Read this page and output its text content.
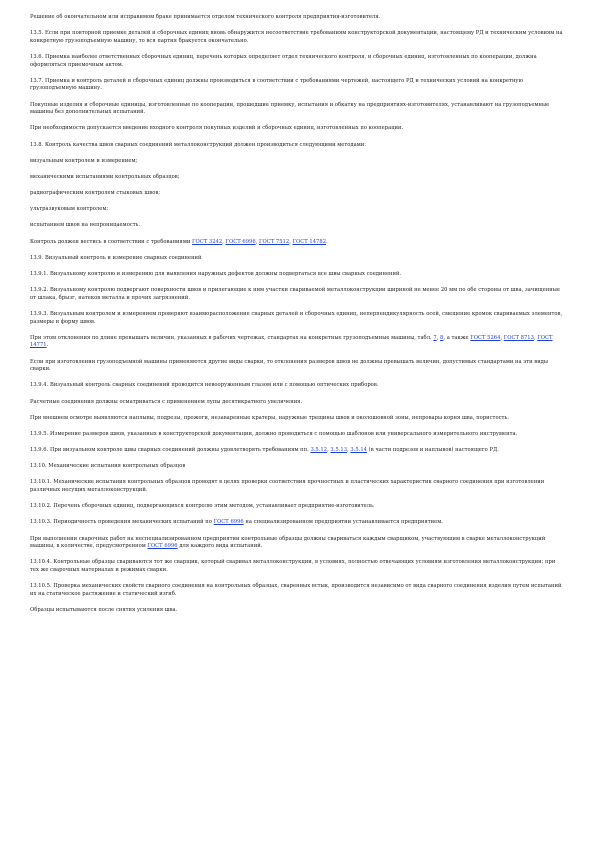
Решение об окончательном или исправимом браке принимается отделом технического контроля предприятия-изготовителя.

13.5. Если при повторной приемке деталей и сборочных единиц вновь обнаружится несоответствие требованиям конструкторской документации, настоящему РД и техническим условиям на конкретную грузоподъемную машину, то вся партия бракуется окончательно.

13.6. Приемка наиболее ответственных сборочных единиц, перечень которых определяет отдел технического контроля, и сборочных единиц, изготовленных по кооперации, должна оформляться приемочным актом.

13.7. Приемка и контроль деталей и сборочных единиц должны производиться в соответствии с требованиями чертежей, настоящего РД и технических условий на конкретную грузоподъемную машину.

Покупные изделия и сборочные единицы, изготовленные по кооперации, прошедшие приемку, испытания и обкатку на предприятиях-изготовителях, устанавливают на грузоподъемные машины без дополнительных испытаний.

При необходимости допускается введение входного контроля покупных изделий и сборочных единиц, изготовленных по кооперации.

13.8. Контроль качества швов сварных соединений металлоконструкций должен производиться следующими методами:

визуальным контролем и измерением;

механическими испытаниями контрольных образцов;

радиографическим контролем стыковых швов;

ультразвуковым контролем;

испытанием швов на непроницаемость.

Контроль должен вестись в соответствии с требованиями ГОСТ 3242, ГОСТ 6996, ГОСТ 7512, ГОСТ 14782.

13.9. Визуальный контроль и измерение сварных соединений

13.9.1. Визуальному контролю и измерению для выявления наружных дефектов должны подвергаться все швы сварных соединений.

13.9.2. Визуальному контролю подвергают поверхности швов и прилегающие к ним участки свариваемой металлоконструкции шириной не менее 20 мм по обе стороны от шва, зачищенные от шлака, брызг, натеков металла и прочих загрязнений.

13.9.3. Визуальным контролем и измерением проверяют взаиморасположение сварных деталей и сборочных единиц, неперпендикулярность осей, смещение кромок свариваемых элементов, размеры и форму швов.

При этом отклонения по длине превышать величин, указанных в рабочих чертежах, стандартах на конкретные грузоподъемные машины, табл. 7, 8, а также ГОСТ 5264, ГОСТ 8713, ГОСТ 14771.

Если при изготовлении грузоподъемной машины применяются другие виды сварки, то отклонения размеров швов не должны превышать величин, допустимых стандартами на эти виды сварки.

13.9.4. Визуальный контроль сварных соединений проводится невооруженным глазом или с помощью оптических приборов.

Расчетные соединения должны осматриваться с применением лупы десятикратного увеличения.

При внешнем осмотре выявляются наплывы, подрезы, прожоги, незаваренные кратеры, наружные трещины швов и околошовной зоны, непровары корня шва, пористость.

13.9.5. Измерение размеров швов, указанных в конструкторской документации, должно проводиться с помощью шаблонов или универсального измерительного инструмента.

13.9.6. При визуальном контроле швы сварных соединений должны удовлетворять требованиям пп. 3.5.12, 3.5.13, 3.5.14 (в части подрезов и наплывов) настоящего РД.

13.10. Механические испытания контрольных образцов

13.10.1. Механические испытания контрольных образцов проводят в целях проверки соответствия прочностных и пластических характеристик сварного соединения при изготовлении различных несущих металлоконструкций.

13.10.2. Перечень сборочных единиц, подвергающихся контролю этим методом, устанавливает предприятие-изготовитель.

13.10.3. Периодичность проведения механических испытаний по ГОСТ 6996 на специализированном предприятии устанавливается предприятием.

При выполнении сварочных работ на неспециализированном предприятии контрольные образцы должны свариваться каждым сварщиком, участвующим в сварке металлоконструкций машины, в количестве, предусмотренном ГОСТ 6996 для каждого вида испытаний.

13.10.4. Контрольные образцы свариваются тот же сварщик, который сваривал металлоконструкции, в условиях, полностью отвечающих условиям изготовления металлоконструкции; при тех же сварочных материалах и режимах сварки.

13.10.5. Проверка механических свойств сварного соединения на контрольных образцах, сваренных встык, производится независимо от вида сварного соединения изделия путем испытаний их на статическое растяжение и статический изгиб.

Образцы испытываются после снятия усиления шва.
